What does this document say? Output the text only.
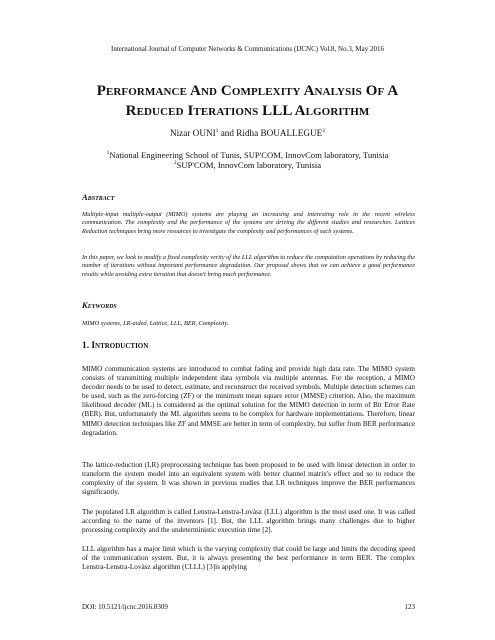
International Journal of Computer Networks & Communications (IJCNC) Vol.8, No.3, May 2016
Performance And Complexity Analysis Of A
Reduced Iterations LLL Algorithm
Nizar OUNI$^1$ and Ridha BOUALLEGUE$^2$
$^1$National Engineering School of Tunis, SUP'COM, InnovCom laboratory, Tunisia
$^2$SUP'COM, InnovCom laboratory, Tunisia
Abstract
Multiple-input multiple-output (MIMO) systems are playing an increasing and interesting role in the recent wireless communication. The complexity and the performance of the systems are driving the different studies and researches. Lattices Reduction techniques bring more resources to investigate the complexity and performances of such systems.
In this paper, we look to modify a fixed complexity verity of the LLL algorithm to reduce the computation operations by reducing the number of iterations without important performance degradation. Our proposal shows that we can achieve a good performance results while avoiding extra iteration that doesn't bring much performance.
Keywords
MIMO systems, LR-aided, Lattice, LLL, BER, Complexity.
1. Introduction
MIMO communication systems are introduced to combat fading and provide high data rate. The MIMO system consists of transmitting multiple independent data symbols via multiple antennas. For the reception, a MIMO decoder needs to be used to detect, estimate, and reconstruct the received symbols. Multiple detection schemes can be used, such as the zero-forcing (ZF) or the minimum mean square error (MMSE) criterion. Also, the maximum likelihood decoder (ML) is considered as the optimal solution for the MIMO detection in term of Bit Error Rate (BER). But, unfortunately the ML algorithm seems to be complex for hardware implementations. Therefore, linear MIMO detection techniques like ZF and MMSE are better in term of complexity, but suffer from BER performance degradation.
The lattice-reduction (LR) preprocessing technique has been proposed to be used with linear detection in order to transform the system model into an equivalent system with better channel matrix's effect and so to reduce the complexity of the system. It was shown in previous studies that LR techniques improve the BER performances significantly.
The populated LR algorithm is called Lenstra-Lenstra-Lovàsz (LLL) algorithm is the most used one. It was called according to the name of the inventors [1]. But, the LLL algorithm brings many challenges due to higher processing complexity and the undeterministic execution time [2].
LLL algorithm has a major limit which is the varying complexity that could be large and limits the decoding speed of the communication system. But, it is always presenting the best performance in term BER. The complex Lenstra-Lenstra-Lovàsz algorithm (CLLL) [3]is applying
DOI: 10.5121/ijcnc.2016.8309	123
